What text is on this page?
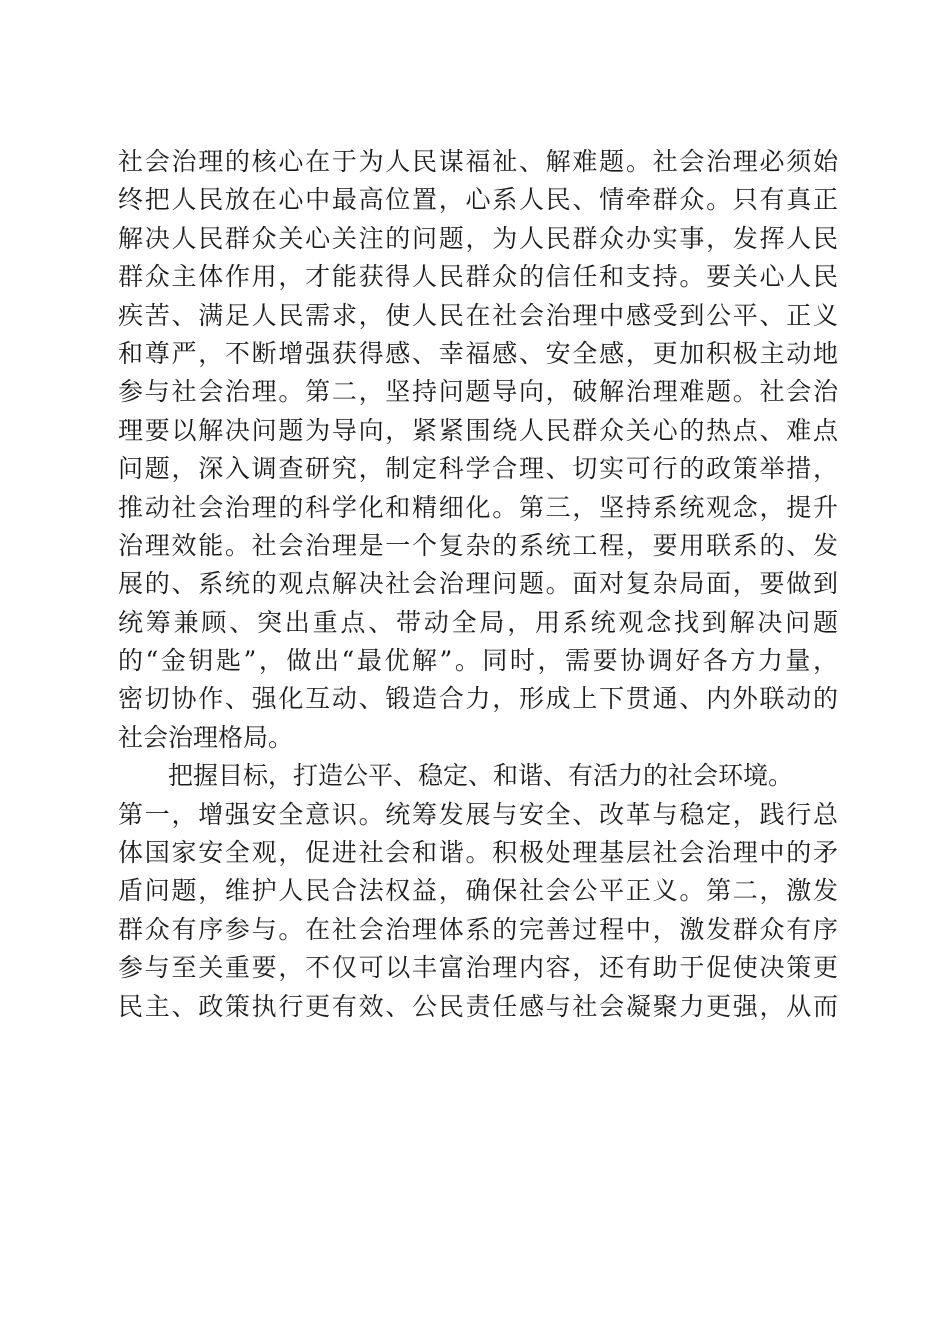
社会治理的核心在于为人民谋福祉、解难题。社会治理必须始
终把人民放在心中最高位置，心系人民、情牵群众。只有真正
解决人民群众关心关注的问题，为人民群众办实事，发挥人民
群众主体作用，才能获得人民群众的信任和支持。要关心人民
疾苦、满足人民需求，使人民在社会治理中感受到公平、正义
和尊严，不断增强获得感、幸福感、安全感，更加积极主动地
参与社会治理。第二，坚持问题导向，破解治理难题。社会治
理要以解决问题为导向，紧紧围绕人民群众关心的热点、难点
问题，深入调查研究，制定科学合理、切实可行的政策举措，
推动社会治理的科学化和精细化。第三，坚持系统观念，提升
治理效能。社会治理是一个复杂的系统工程，要用联系的、发
展的、系统的观点解决社会治理问题。面对复杂局面，要做到
统筹兼顾、突出重点、带动全局，用系统观念找到解决问题
的“金钥匙”，做出“最优解”。同时，需要协调好各方力量，
密切协作、强化互动、锻造合力，形成上下贯通、内外联动的
社会治理格局。
把握目标，打造公平、稳定、和谐、有活力的社会环境。
第一，增强安全意识。统筹发展与安全、改革与稳定，践行总
体国家安全观，促进社会和谐。积极处理基层社会治理中的矛
盾问题，维护人民合法权益，确保社会公平正义。第二，激发
群众有序参与。在社会治理体系的完善过程中，激发群众有序
参与至关重要，不仅可以丰富治理内容，还有助于促使决策更
民主、政策执行更有效、公民责任感与社会凝聚力更强，从而
